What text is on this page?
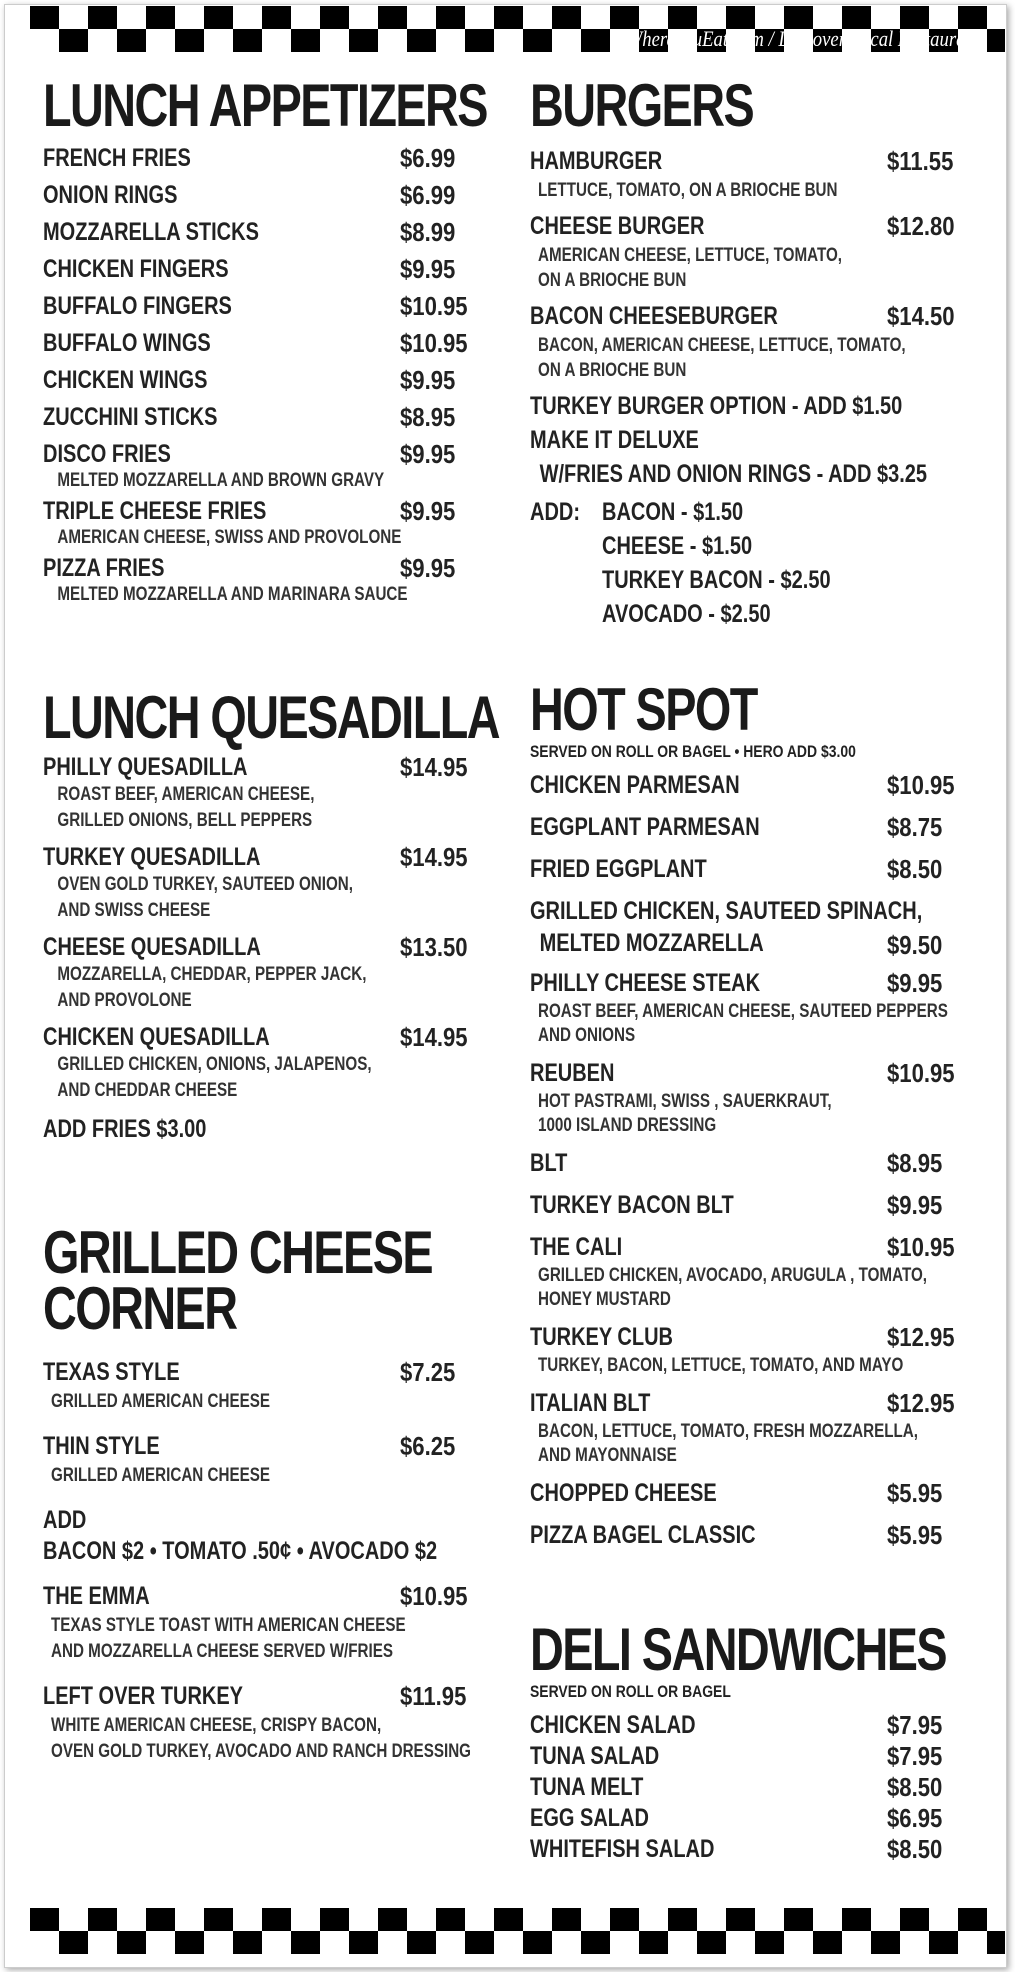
WhereYouEat.com / Discover Local Restaurants
LUNCH APPETIZERS
FRENCH FRIES	$6.99
ONION RINGS	$6.99
MOZZARELLA STICKS	$8.99
CHICKEN FINGERS	$9.95
BUFFALO FINGERS	$10.95
BUFFALO WINGS	$10.95
CHICKEN WINGS	$9.95
ZUCCHINI STICKS	$8.95
DISCO FRIES	$9.95
MELTED MOZZARELLA AND BROWN GRAVY
TRIPLE CHEESE FRIES	$9.95
AMERICAN CHEESE, SWISS AND PROVOLONE
PIZZA FRIES	$9.95
MELTED MOZZARELLA AND MARINARA SAUCE
LUNCH QUESADILLA
PHILLY QUESADILLA	$14.95
ROAST BEEF, AMERICAN CHEESE,
GRILLED ONIONS, BELL PEPPERS
TURKEY QUESADILLA	$14.95
OVEN GOLD TURKEY, SAUTEED ONION,
AND SWISS CHEESE
CHEESE QUESADILLA	$13.50
MOZZARELLA, CHEDDAR, PEPPER JACK,
AND PROVOLONE
CHICKEN QUESADILLA	$14.95
GRILLED CHICKEN, ONIONS, JALAPENOS,
AND CHEDDAR CHEESE
ADD FRIES $3.00
GRILLED CHEESE
CORNER
TEXAS STYLE	$7.25
GRILLED AMERICAN CHEESE
THIN STYLE	$6.25
GRILLED AMERICAN CHEESE
ADD
BACON $2 • TOMATO .50¢ • AVOCADO $2
THE EMMA	$10.95
TEXAS STYLE TOAST WITH AMERICAN CHEESE
AND MOZZARELLA CHEESE SERVED W/FRIES
LEFT OVER TURKEY	$11.95
WHITE AMERICAN CHEESE, CRISPY BACON,
OVEN GOLD TURKEY, AVOCADO AND RANCH DRESSING
BURGERS
HAMBURGER	$11.55
LETTUCE, TOMATO, ON A BRIOCHE BUN
CHEESE BURGER	$12.80
AMERICAN CHEESE, LETTUCE, TOMATO,
ON A BRIOCHE BUN
BACON CHEESEBURGER	$14.50
BACON, AMERICAN CHEESE, LETTUCE, TOMATO,
ON A BRIOCHE BUN
TURKEY BURGER OPTION - ADD $1.50
MAKE IT DELUXE
W/FRIES AND ONION RINGS - ADD $3.25
ADD: BACON - $1.50
CHEESE - $1.50
TURKEY BACON - $2.50
AVOCADO - $2.50
HOT SPOT
SERVED ON ROLL OR BAGEL • HERO ADD $3.00
CHICKEN PARMESAN	$10.95
EGGPLANT PARMESAN	$8.75
FRIED EGGPLANT	$8.50
GRILLED CHICKEN, SAUTEED SPINACH,
MELTED MOZZARELLA	$9.50
PHILLY CHEESE STEAK	$9.95
ROAST BEEF, AMERICAN CHEESE, SAUTEED PEPPERS
AND ONIONS
REUBEN	$10.95
HOT PASTRAMI, SWISS , SAUERKRAUT,
1000 ISLAND DRESSING
BLT	$8.95
TURKEY BACON BLT	$9.95
THE CALI	$10.95
GRILLED CHICKEN, AVOCADO, ARUGULA , TOMATO,
HONEY MUSTARD
TURKEY CLUB	$12.95
TURKEY, BACON, LETTUCE, TOMATO, AND MAYO
ITALIAN BLT	$12.95
BACON, LETTUCE, TOMATO, FRESH MOZZARELLA,
AND MAYONNAISE
CHOPPED CHEESE	$5.95
PIZZA BAGEL CLASSIC	$5.95
DELI SANDWICHES
SERVED ON ROLL OR BAGEL
CHICKEN SALAD	$7.95
TUNA SALAD	$7.95
TUNA MELT	$8.50
EGG SALAD	$6.95
WHITEFISH SALAD	$8.50
